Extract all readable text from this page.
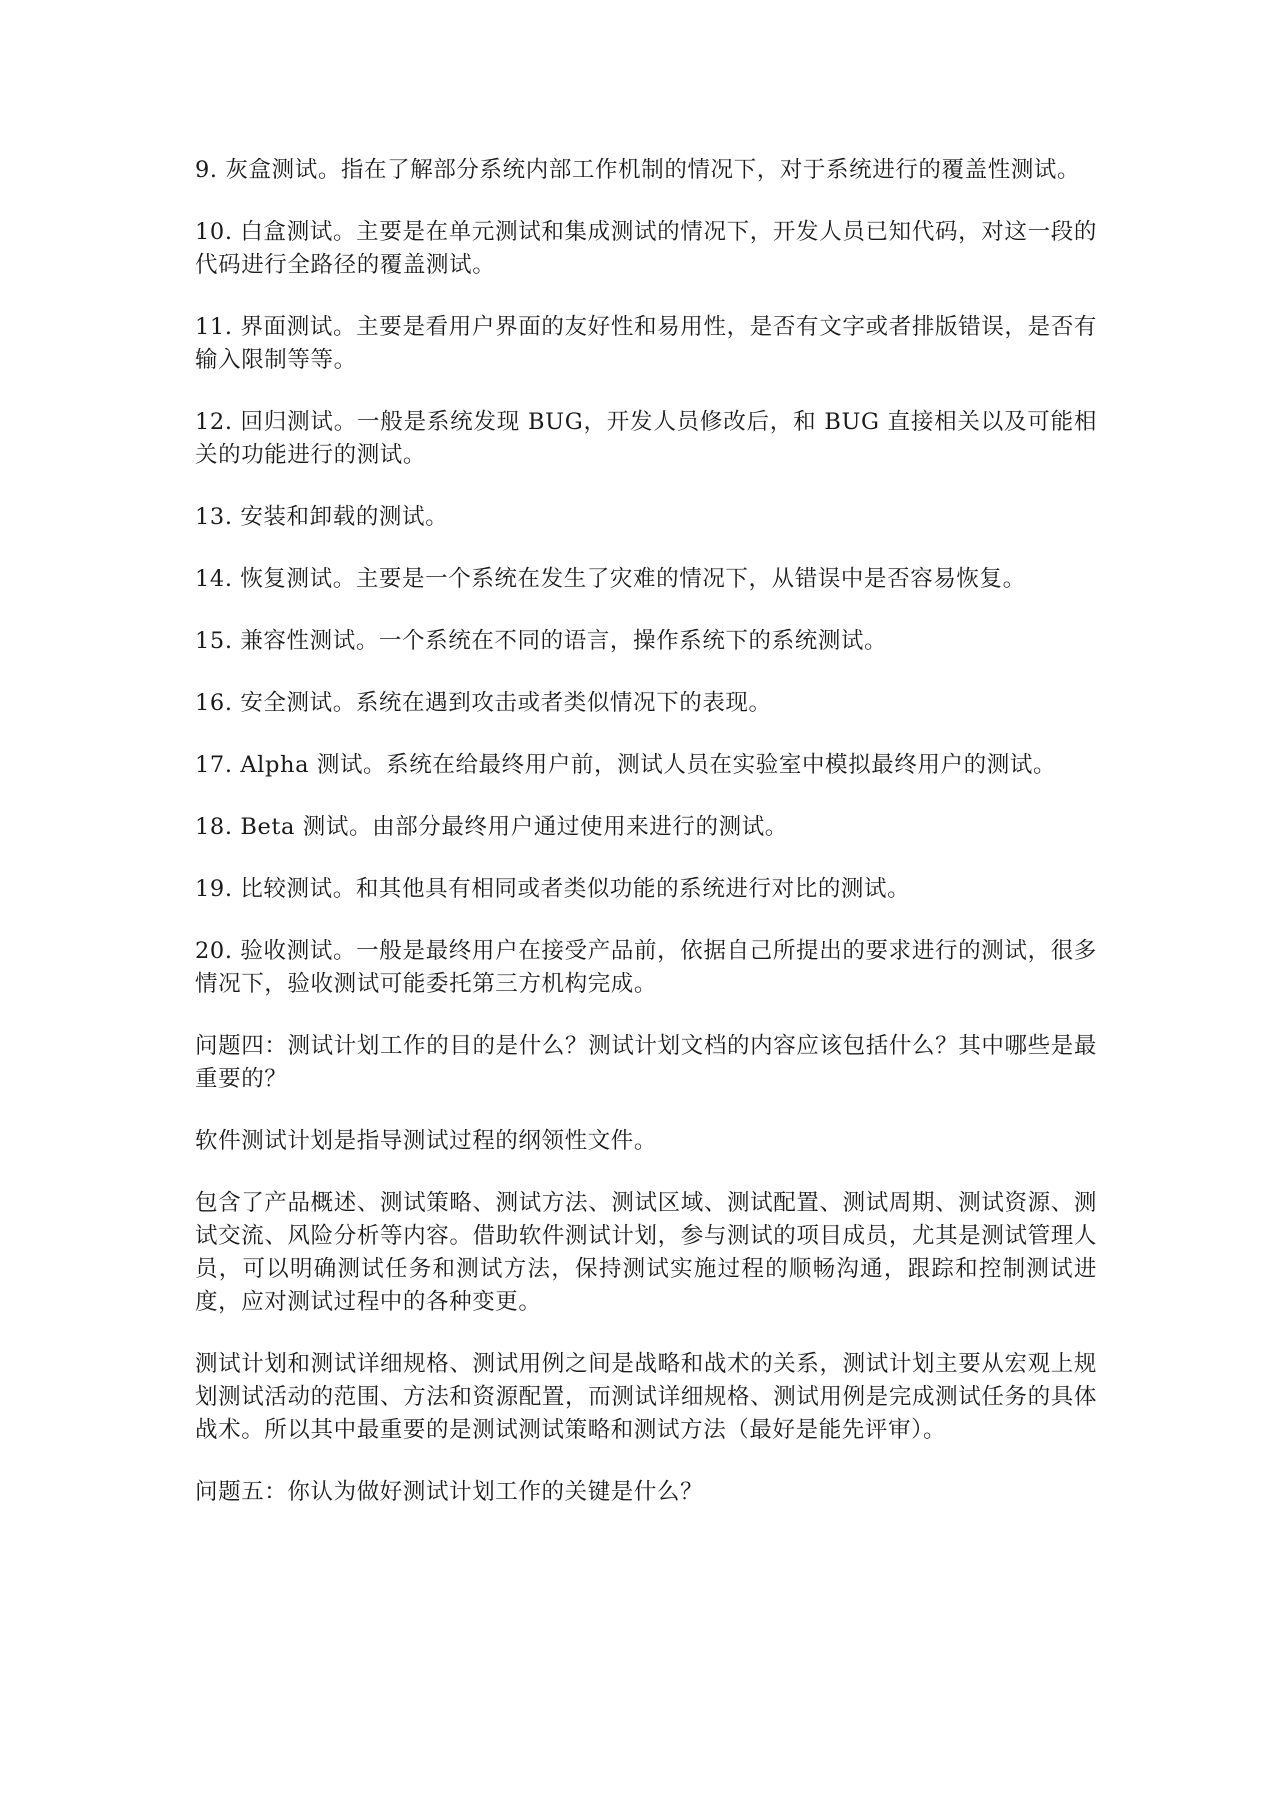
9. 灰盒测试。指在了解部分系统内部工作机制的情况下，对于系统进行的覆盖性测试。

10. 白盒测试。主要是在单元测试和集成测试的情况下，开发人员已知代码，对这一段的代码进行全路径的覆盖测试。

11. 界面测试。主要是看用户界面的友好性和易用性，是否有文字或者排版错误，是否有输入限制等等。

12. 回归测试。一般是系统发现 BUG，开发人员修改后，和 BUG 直接相关以及可能相关的功能进行的测试。

13. 安装和卸载的测试。

14. 恢复测试。主要是一个系统在发生了灾难的情况下，从错误中是否容易恢复。

15. 兼容性测试。一个系统在不同的语言，操作系统下的系统测试。

16. 安全测试。系统在遇到攻击或者类似情况下的表现。

17. Alpha 测试。系统在给最终用户前，测试人员在实验室中模拟最终用户的测试。

18. Beta 测试。由部分最终用户通过使用来进行的测试。

19. 比较测试。和其他具有相同或者类似功能的系统进行对比的测试。

20. 验收测试。一般是最终用户在接受产品前，依据自己所提出的要求进行的测试，很多情况下，验收测试可能委托第三方机构完成。

问题四：测试计划工作的目的是什么？测试计划文档的内容应该包括什么？其中哪些是最重要的？

软件测试计划是指导测试过程的纲领性文件。

包含了产品概述、测试策略、测试方法、测试区域、测试配置、测试周期、测试资源、测试交流、风险分析等内容。借助软件测试计划，参与测试的项目成员，尤其是测试管理人员，可以明确测试任务和测试方法，保持测试实施过程的顺畅沟通，跟踪和控制测试进度，应对测试过程中的各种变更。

测试计划和测试详细规格、测试用例之间是战略和战术的关系，测试计划主要从宏观上规划测试活动的范围、方法和资源配置，而测试详细规格、测试用例是完成测试任务的具体战术。所以其中最重要的是测试测试策略和测试方法（最好是能先评审）。

问题五：你认为做好测试计划工作的关键是什么？
